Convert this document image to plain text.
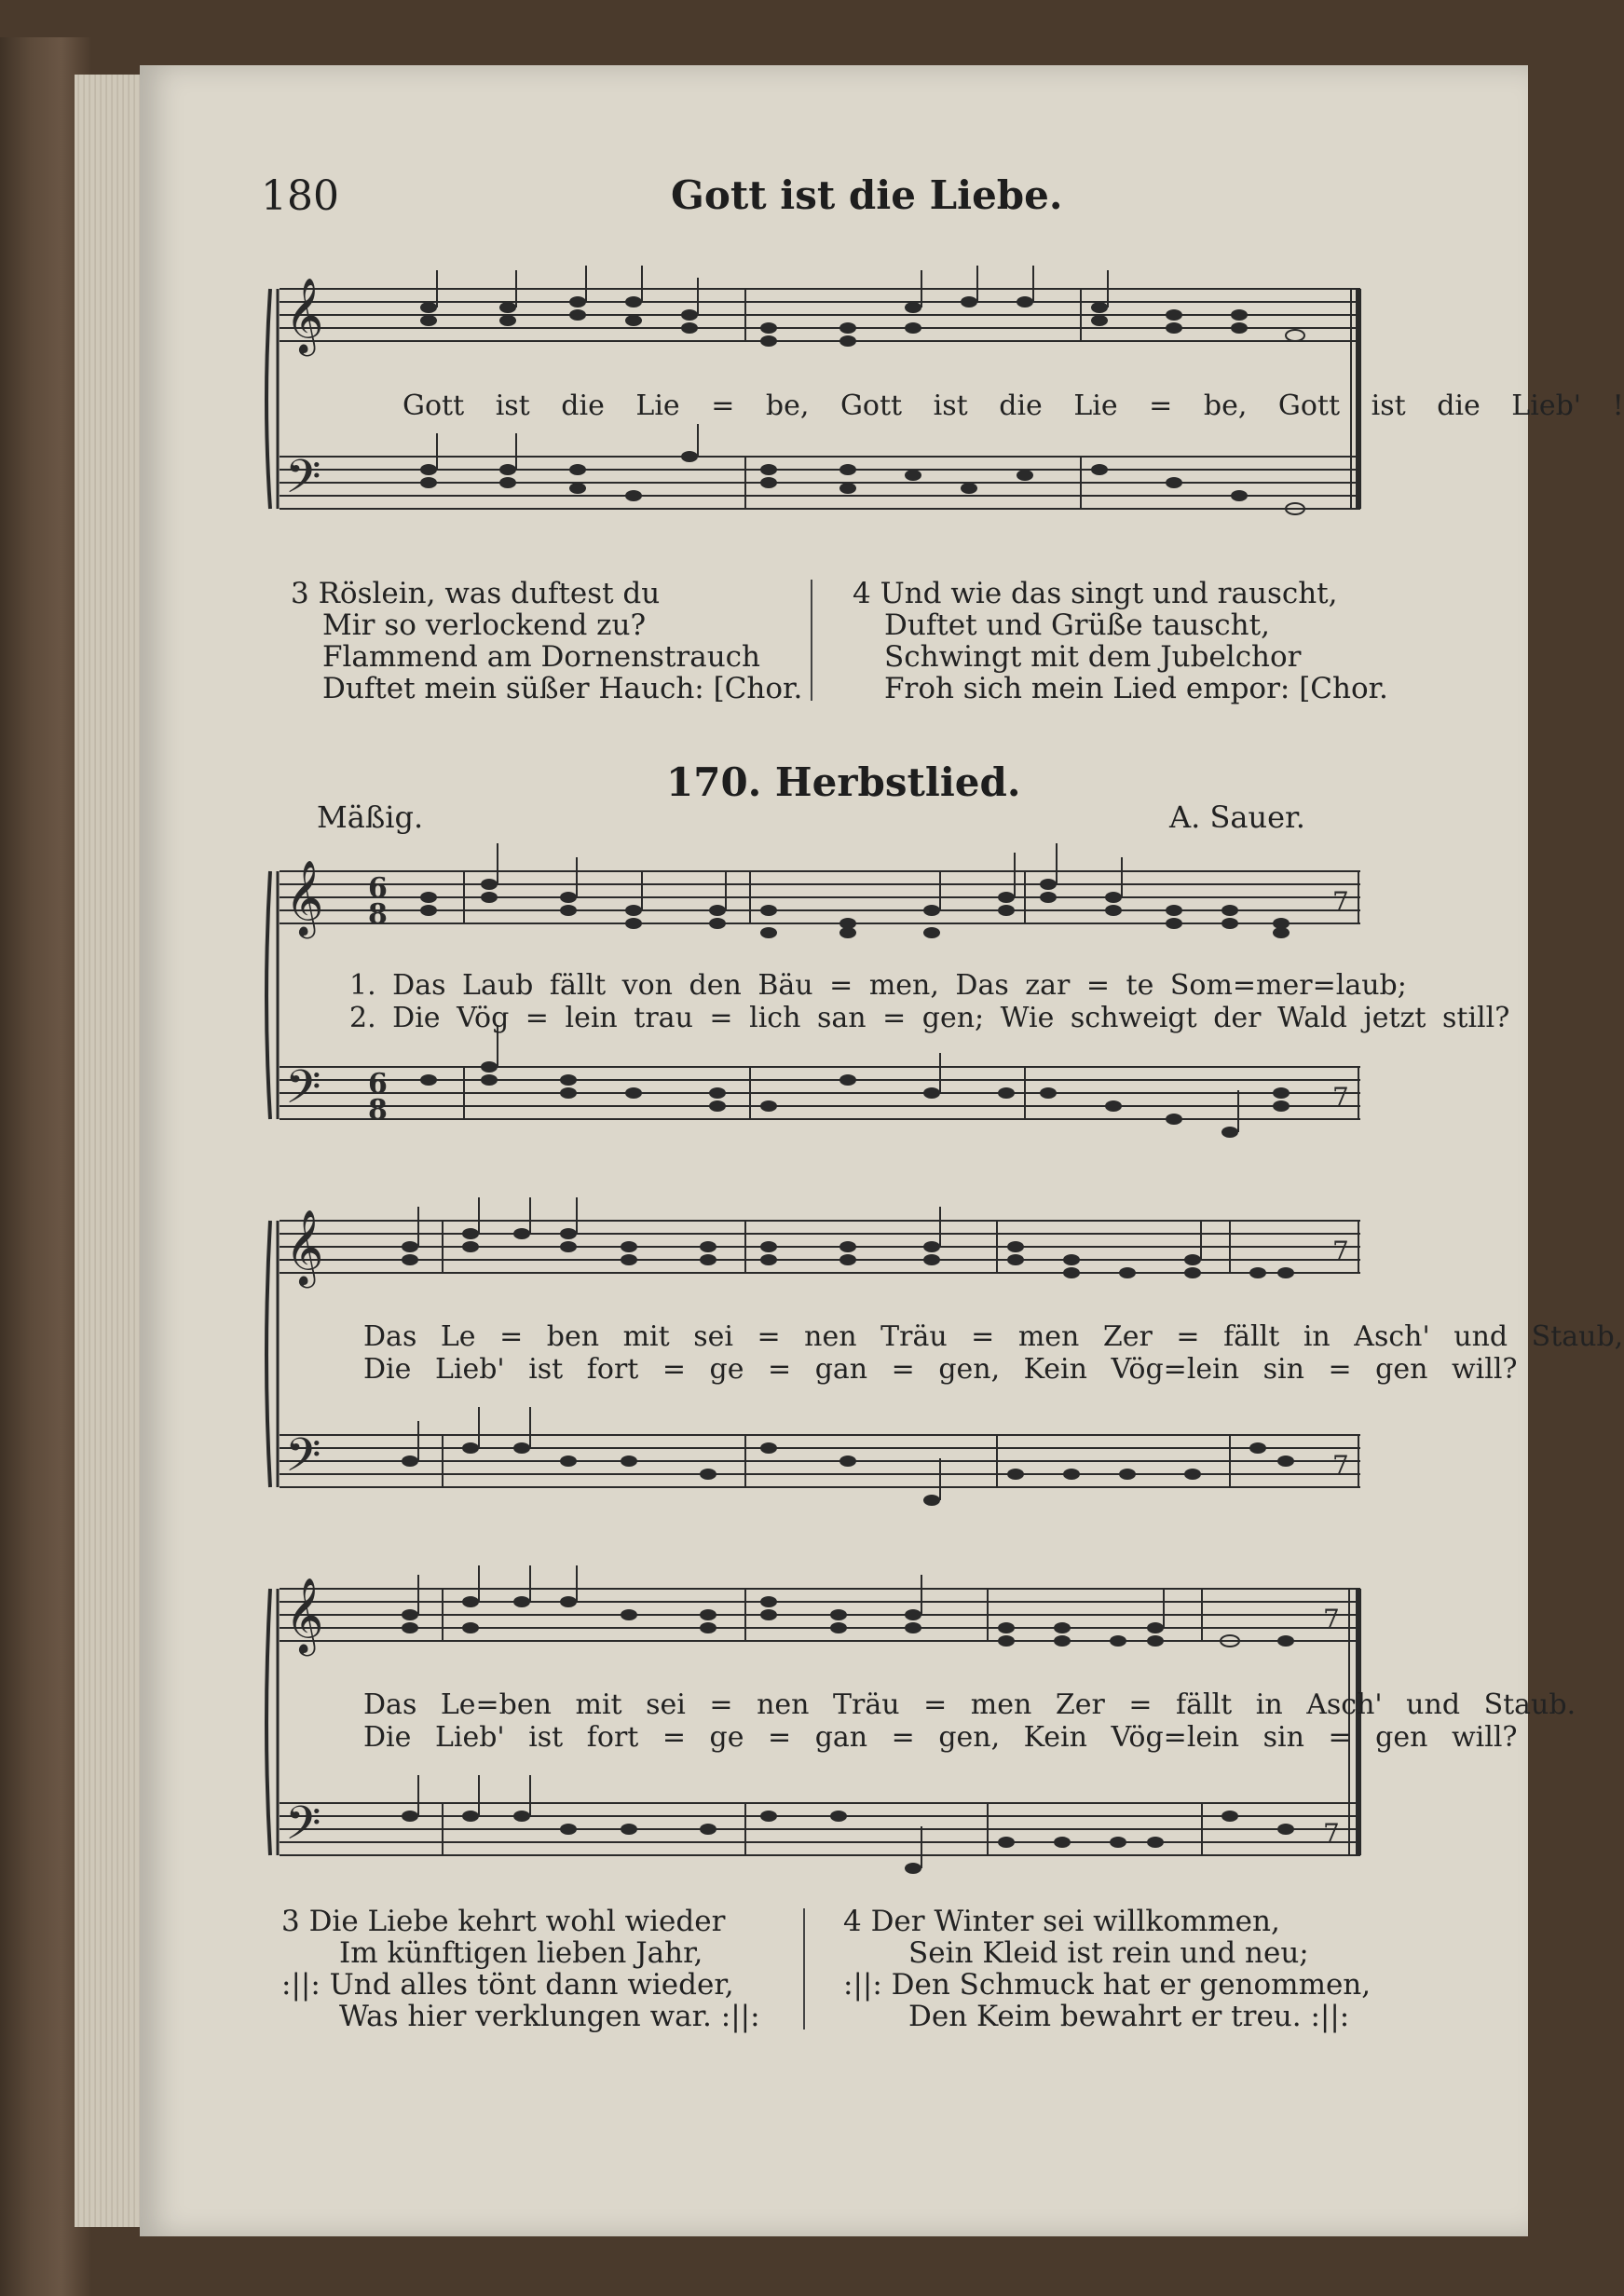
180	Gott ist die Liebe.
𝄞
𝄢
Gott ist die Lie = be, Gott ist die Lie = be, Gott ist die Lieb' !
3 Röslein, was duftest du
Mir so verlockend zu?
Flammend am Dornenstrauch
Duftet mein süßer Hauch: [Chor.
4 Und wie das singt und rauscht,
Duftet und Grüße tauscht,
Schwingt mit dem Jubelchor
Froh sich mein Lied empor: [Chor.
170. Herbstlied.
Mäßig.	A. Sauer.
𝄞
𝄢
6
8
6
8
7
7
1. Das Laub fällt von den Bäu = men, Das zar = te Som=mer=laub;
2. Die Vög = lein trau = lich san = gen; Wie schweigt der Wald jetzt still?
𝄞
𝄢
7
7
Das Le = ben mit sei = nen Träu = men Zer = fällt in Asch' und Staub,
Die Lieb' ist fort = ge = gan = gen, Kein Vög=lein sin = gen will?
𝄞
𝄢
7
7
Das Le=ben mit sei = nen Träu = men Zer = fällt in Asch' und Staub.
Die Lieb' ist fort = ge = gan = gen, Kein Vög=lein sin = gen will?
3 Die Liebe kehrt wohl wieder
Im künftigen lieben Jahr,
:||: Und alles tönt dann wieder,
Was hier verklungen war. :||:
4 Der Winter sei willkommen,
Sein Kleid ist rein und neu;
:||: Den Schmuck hat er genommen,
Den Keim bewahrt er treu. :||:
